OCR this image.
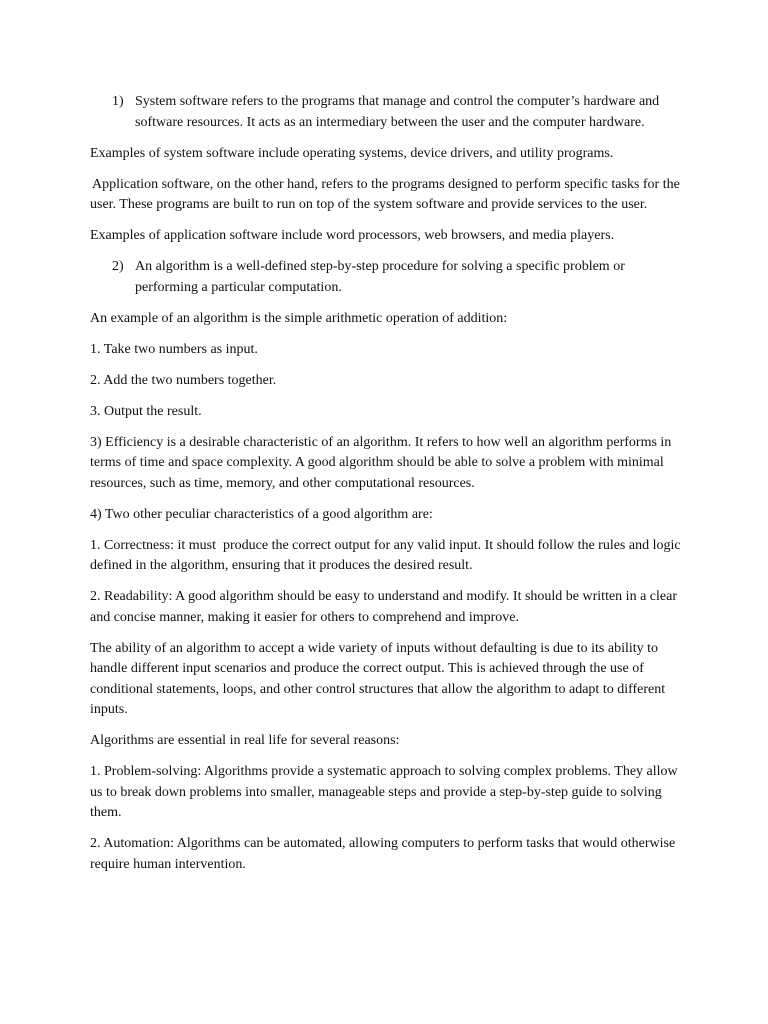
1) System software refers to the programs that manage and control the computer’s hardware and software resources. It acts as an intermediary between the user and the computer hardware.

Examples of system software include operating systems, device drivers, and utility programs.

Application software, on the other hand, refers to the programs designed to perform specific tasks for the user. These programs are built to run on top of the system software and provide services to the user.

Examples of application software include word processors, web browsers, and media players.

2) An algorithm is a well-defined step-by-step procedure for solving a specific problem or performing a particular computation.

An example of an algorithm is the simple arithmetic operation of addition:

1. Take two numbers as input.

2. Add the two numbers together.

3. Output the result.

3) Efficiency is a desirable characteristic of an algorithm. It refers to how well an algorithm performs in terms of time and space complexity. A good algorithm should be able to solve a problem with minimal resources, such as time, memory, and other computational resources.

4) Two other peculiar characteristics of a good algorithm are:

1. Correctness: it must  produce the correct output for any valid input. It should follow the rules and logic defined in the algorithm, ensuring that it produces the desired result.

2. Readability: A good algorithm should be easy to understand and modify. It should be written in a clear and concise manner, making it easier for others to comprehend and improve.

The ability of an algorithm to accept a wide variety of inputs without defaulting is due to its ability to handle different input scenarios and produce the correct output. This is achieved through the use of conditional statements, loops, and other control structures that allow the algorithm to adapt to different inputs.

Algorithms are essential in real life for several reasons:

1. Problem-solving: Algorithms provide a systematic approach to solving complex problems. They allow us to break down problems into smaller, manageable steps and provide a step-by-step guide to solving them.

2. Automation: Algorithms can be automated, allowing computers to perform tasks that would otherwise require human intervention.
